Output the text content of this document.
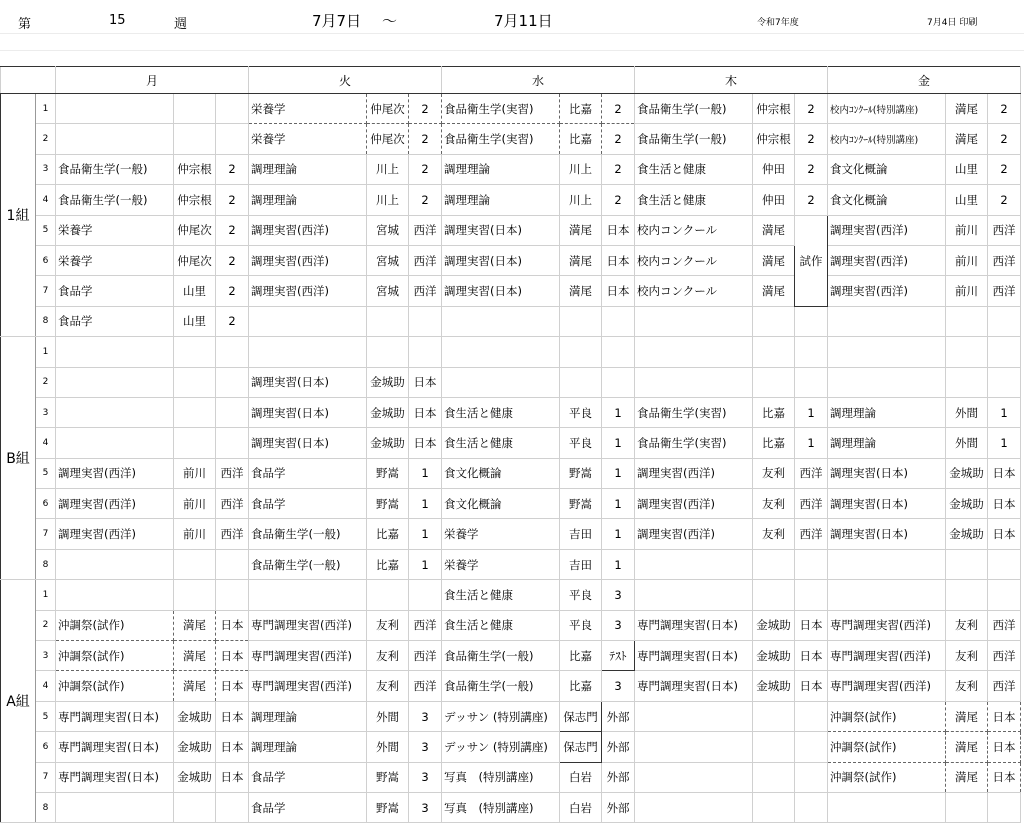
第	15	週	7月7日 ～	7月11日	令和7年度	7月4日 印刷
		月			火			水			木			金		
1組	1				栄養学	仲尾次	2	食品衛生学(実習)	比嘉	2	食品衛生学(一般)	仲宗根	2	校内ｺﾝｸｰﾙ(特別講座)	満尾	2
	2				栄養学	仲尾次	2	食品衛生学(実習)	比嘉	2	食品衛生学(一般)	仲宗根	2	校内ｺﾝｸｰﾙ(特別講座)	満尾	2
	3	食品衛生学(一般)	仲宗根	2	調理理論	川上	2	調理理論	川上	2	食生活と健康	仲田	2	食文化概論	山里	2
	4	食品衛生学(一般)	仲宗根	2	調理理論	川上	2	調理理論	川上	2	食生活と健康	仲田	2	食文化概論	山里	2
	5	栄養学	仲尾次	2	調理実習(西洋)	宮城	西洋	調理実習(日本)	満尾	日本	校内コンクール	満尾	試作	調理実習(西洋)	前川	西洋
	6	栄養学	仲尾次	2	調理実習(西洋)	宮城	西洋	調理実習(日本)	満尾	日本	校内コンクール	満尾		調理実習(西洋)	前川	西洋
	7	食品学	山里	2	調理実習(西洋)	宮城	西洋	調理実習(日本)	満尾	日本	校内コンクール	満尾		調理実習(西洋)	前川	西洋
	8	食品学	山里	2												
B組	1															
	2				調理実習(日本)	金城助	日本									
	3				調理実習(日本)	金城助	日本	食生活と健康	平良	1	食品衛生学(実習)	比嘉	1	調理理論	外間	1
	4				調理実習(日本)	金城助	日本	食生活と健康	平良	1	食品衛生学(実習)	比嘉	1	調理理論	外間	1
	5	調理実習(西洋)	前川	西洋	食品学	野嵩	1	食文化概論	野嵩	1	調理実習(西洋)	友利	西洋	調理実習(日本)	金城助	日本
	6	調理実習(西洋)	前川	西洋	食品学	野嵩	1	食文化概論	野嵩	1	調理実習(西洋)	友利	西洋	調理実習(日本)	金城助	日本
	7	調理実習(西洋)	前川	西洋	食品衛生学(一般)	比嘉	1	栄養学	吉田	1	調理実習(西洋)	友利	西洋	調理実習(日本)	金城助	日本
	8				食品衛生学(一般)	比嘉	1	栄養学	吉田	1						
A組	1							食生活と健康	平良	3						
	2	沖調祭(試作)	満尾	日本	専門調理実習(西洋)	友利	西洋	食生活と健康	平良	3	専門調理実習(日本)	金城助	日本	専門調理実習(西洋)	友利	西洋
	3	沖調祭(試作)	満尾	日本	専門調理実習(西洋)	友利	西洋	食品衛生学(一般)	比嘉	ﾃｽﾄ	専門調理実習(日本)	金城助	日本	専門調理実習(西洋)	友利	西洋
	4	沖調祭(試作)	満尾	日本	専門調理実習(西洋)	友利	西洋	食品衛生学(一般)	比嘉	3	専門調理実習(日本)	金城助	日本	専門調理実習(西洋)	友利	西洋
	5	専門調理実習(日本)	金城助	日本	調理理論	外間	3	デッサン (特別講座)	保志門	外部				沖調祭(試作)	満尾	日本
	6	専門調理実習(日本)	金城助	日本	調理理論	外間	3	デッサン (特別講座)	保志門	外部				沖調祭(試作)	満尾	日本
	7	専門調理実習(日本)	金城助	日本	食品学	野嵩	3	写真　(特別講座)	白岩	外部				沖調祭(試作)	満尾	日本
	8				食品学	野嵩	3	写真　(特別講座)	白岩	外部						
